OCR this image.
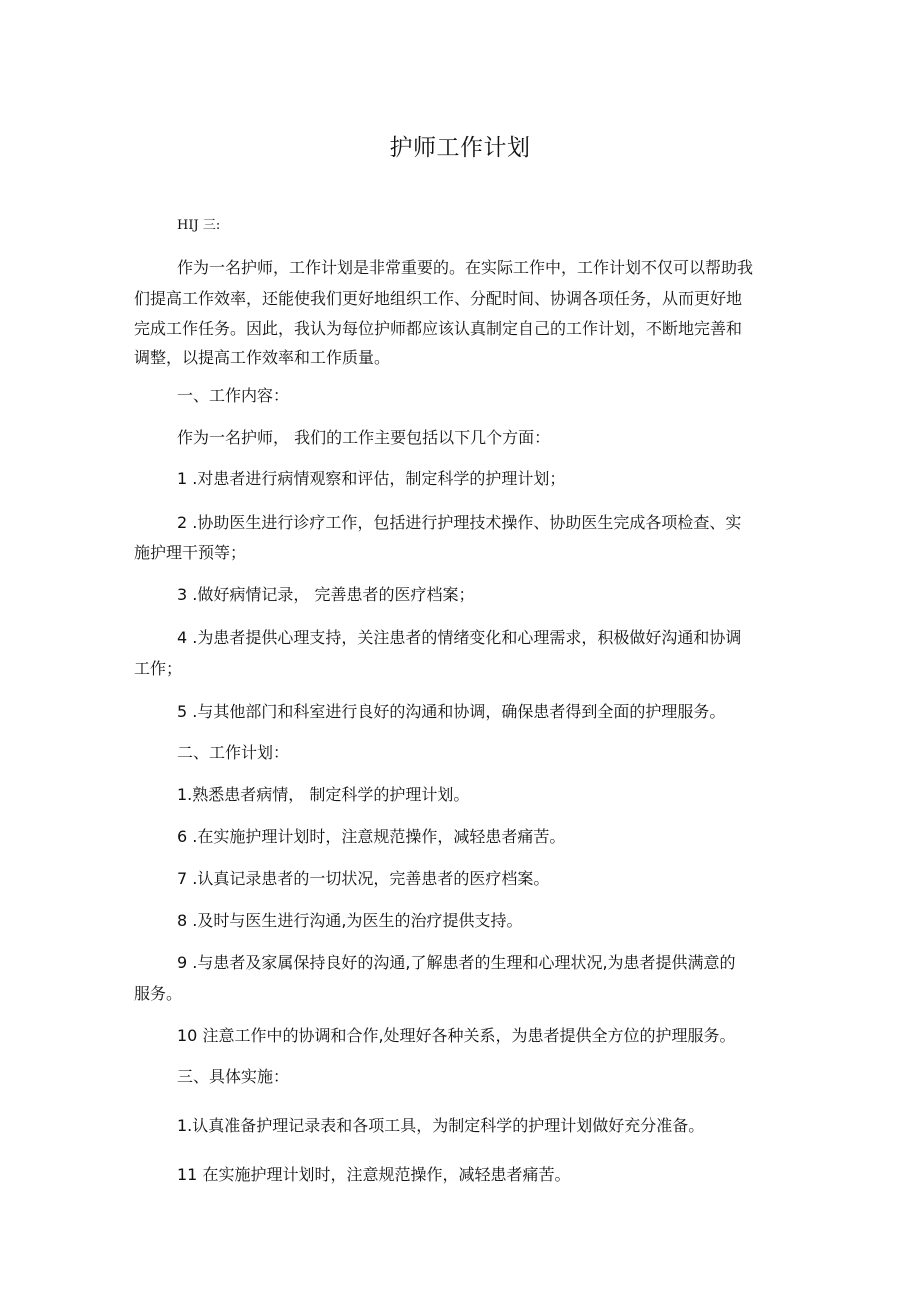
护师工作计划
HIJ 三:
作为一名护师，工作计划是非常重要的。在实际工作中，工作计划不仅可以帮助我
们提高工作效率，还能使我们更好地组织工作、分配时间、协调各项任务，从而更好地
完成工作任务。因此，我认为每位护师都应该认真制定自己的工作计划，不断地完善和
调整，以提高工作效率和工作质量。
一、工作内容：
作为一名护师， 我们的工作主要包括以下几个方面：
1 .对患者进行病情观察和评估，制定科学的护理计划；
2 .协助医生进行诊疗工作，包括进行护理技术操作、协助医生完成各项检查、实
施护理干预等；
3 .做好病情记录， 完善患者的医疗档案；
4 .为患者提供心理支持，关注患者的情绪变化和心理需求，积极做好沟通和协调
工作；
5 .与其他部门和科室进行良好的沟通和协调，确保患者得到全面的护理服务。
二、工作计划：
1.熟悉患者病情， 制定科学的护理计划。
6 .在实施护理计划时，注意规范操作，减轻患者痛苦。
7 .认真记录患者的一切状况，完善患者的医疗档案。
8 .及时与医生进行沟通,为医生的治疗提供支持。
9 .与患者及家属保持良好的沟通,了解患者的生理和心理状况,为患者提供满意的
服务。
10 注意工作中的协调和合作,处理好各种关系，为患者提供全方位的护理服务。
三、具体实施：
1.认真准备护理记录表和各项工具，为制定科学的护理计划做好充分准备。
11 在实施护理计划时，注意规范操作，减轻患者痛苦。
